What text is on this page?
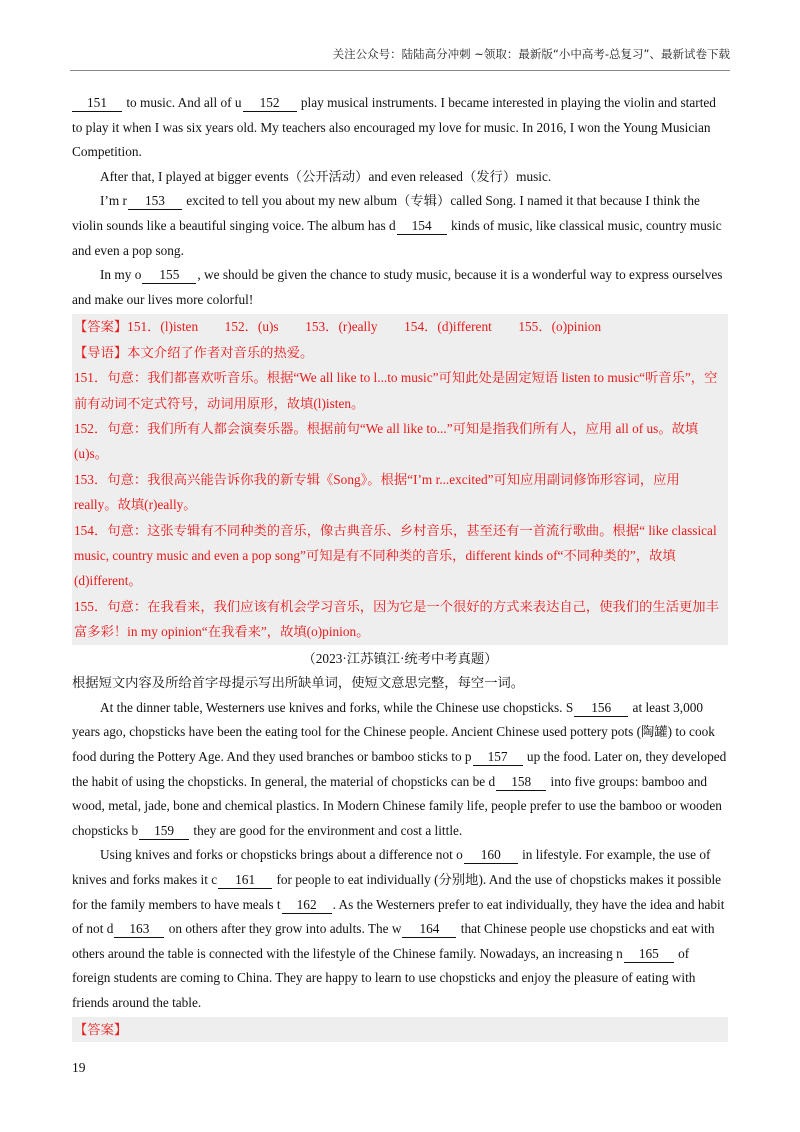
关注公众号：陆陆高分冲刺 ~领取：最新版“小中高考-总复习”、最新试卷下载

151 to music. And all of u 152 play musical instruments. I became interested in playing the violin and started to play it when I was six years old. My teachers also encouraged my love for music. In 2016, I won the Young Musician Competition.

After that, I played at bigger events（公开活动）and even released（发行）music.

I’m r 153 excited to tell you about my new album（专辑）called Song. I named it that because I think the violin sounds like a beautiful singing voice. The album has d 154 kinds of music, like classical music, country music and even a pop song.

In my o 155 , we should be given the chance to study music, because it is a wonderful way to express ourselves and make our lives more colorful!

【答案】151．(l)isten　　152．(u)s　　153．(r)eally　　154．(d)ifferent　　155．(o)pinion

【导语】本文介绍了作者对音乐的热爱。

151．句意：我们都喜欢听音乐。根据“We all like to l...to music”可知此处是固定短语 listen to music“听音乐”，空前有动词不定式符号，动词用原形，故填(l)isten。

152．句意：我们所有人都会演奏乐器。根据前句“We all like to...”可知是指我们所有人，应用 all of us。故填(u)s。

153．句意：我很高兴能告诉你我的新专辑《Song》。根据“I’m r...excited”可知应用副词修饰形容词，应用 really。故填(r)eally。

154．句意：这张专辑有不同种类的音乐，像古典音乐、乡村音乐，甚至还有一首流行歌曲。根据“ like classical music, country music and even a pop song”可知是有不同种类的音乐，different kinds of“不同种类的”，故填(d)ifferent。

155．句意：在我看来，我们应该有机会学习音乐，因为它是一个很好的方式来表达自己，使我们的生活更加丰富多彩！in my opinion“在我看来”，故填(o)pinion。

（2023·江苏镇江·统考中考真题）

根据短文内容及所给首字母提示写出所缺单词，使短文意思完整，每空一词。

At the dinner table, Westerners use knives and forks, while the Chinese use chopsticks. S 156 at least 3,000 years ago, chopsticks have been the eating tool for the Chinese people. Ancient Chinese used pottery pots (陶罐) to cook food during the Pottery Age. And they used branches or bamboo sticks to p 157 up the food. Later on, they developed the habit of using the chopsticks. In general, the material of chopsticks can be d 158 into five groups: bamboo and wood, metal, jade, bone and chemical plastics. In Modern Chinese family life, people prefer to use the bamboo or wooden chopsticks b 159 they are good for the environment and cost a little.

Using knives and forks or chopsticks brings about a difference not o 160 in lifestyle. For example, the use of knives and forks makes it c 161 for people to eat individually (分别地). And the use of chopsticks makes it possible for the family members to have meals t 162 . As the Westerners prefer to eat individually, they have the idea and habit of not d 163 on others after they grow into adults. The w 164 that Chinese people use chopsticks and eat with others around the table is connected with the lifestyle of the Chinese family. Nowadays, an increasing n 165 of foreign students are coming to China. They are happy to learn to use chopsticks and enjoy the pleasure of eating with friends around the table.

【答案】

19
